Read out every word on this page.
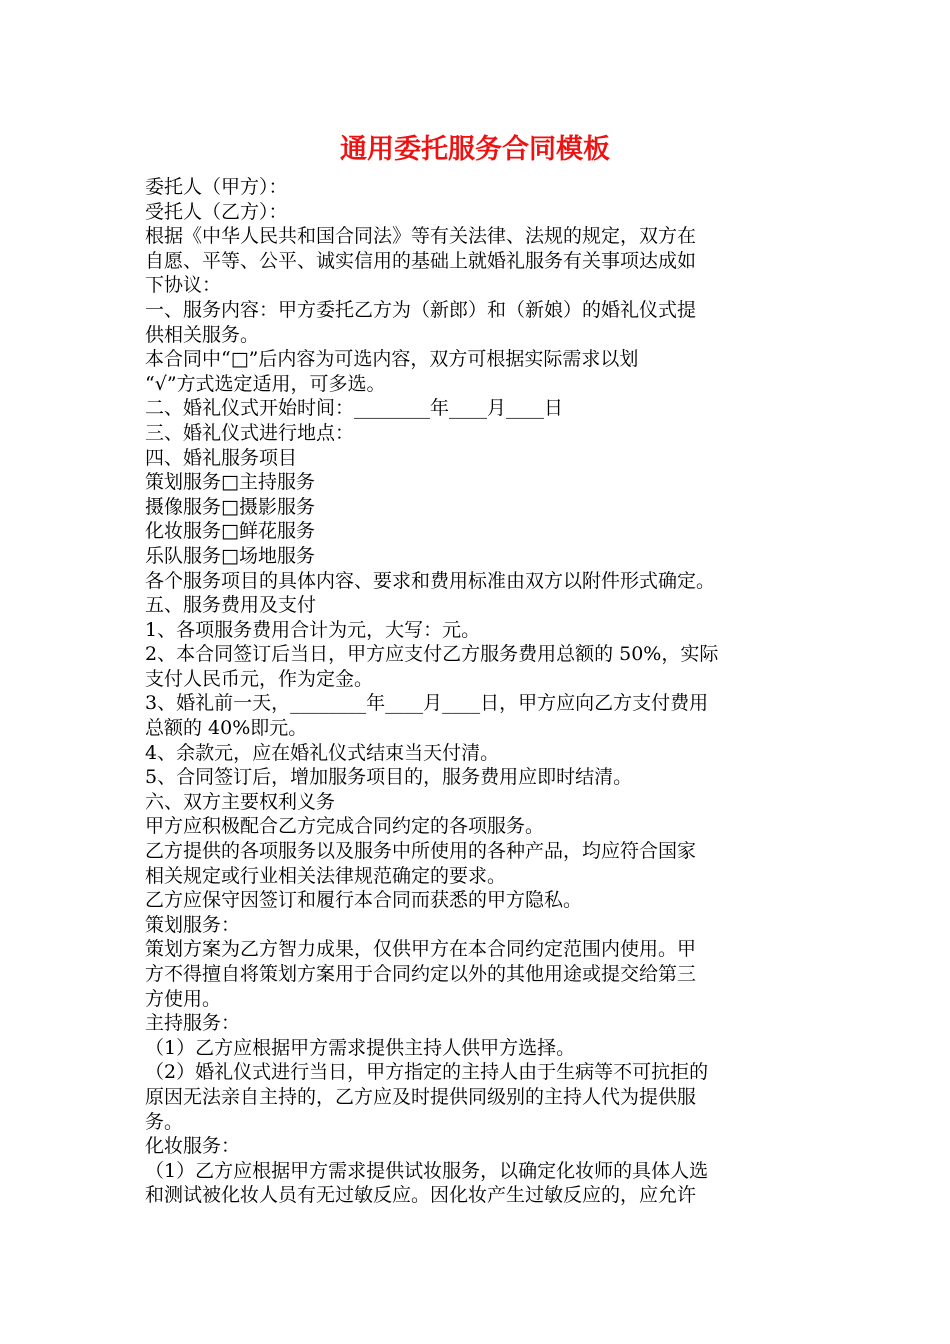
通用委托服务合同模板
委托人（甲方）：
受托人（乙方）：
根据《中华人民共和国合同法》等有关法律、法规的规定，双方在
自愿、平等、公平、诚实信用的基础上就婚礼服务有关事项达成如
下协议：
一、服务内容：甲方委托乙方为（新郎）和（新娘）的婚礼仪式提
供相关服务。
本合同中“□”后内容为可选内容，双方可根据实际需求以划
“√”方式选定适用，可多选。
二、婚礼仪式开始时间：________年____月____日
三、婚礼仪式进行地点：
四、婚礼服务项目
策划服务□主持服务
摄像服务□摄影服务
化妆服务□鲜花服务
乐队服务□场地服务
各个服务项目的具体内容、要求和费用标准由双方以附件形式确定。
五、服务费用及支付
1、各项服务费用合计为元，大写：元。
2、本合同签订后当日，甲方应支付乙方服务费用总额的 50%，实际
支付人民币元，作为定金。
3、婚礼前一天，________年____月____日，甲方应向乙方支付费用
总额的 40%即元。
4、余款元，应在婚礼仪式结束当天付清。
5、合同签订后，增加服务项目的，服务费用应即时结清。
六、双方主要权利义务
甲方应积极配合乙方完成合同约定的各项服务。
乙方提供的各项服务以及服务中所使用的各种产品，均应符合国家
相关规定或行业相关法律规范确定的要求。
乙方应保守因签订和履行本合同而获悉的甲方隐私。
策划服务：
策划方案为乙方智力成果，仅供甲方在本合同约定范围内使用。甲
方不得擅自将策划方案用于合同约定以外的其他用途或提交给第三
方使用。
主持服务：
（1）乙方应根据甲方需求提供主持人供甲方选择。
（2）婚礼仪式进行当日，甲方指定的主持人由于生病等不可抗拒的
原因无法亲自主持的，乙方应及时提供同级别的主持人代为提供服
务。
化妆服务：
（1）乙方应根据甲方需求提供试妆服务，以确定化妆师的具体人选
和测试被化妆人员有无过敏反应。因化妆产生过敏反应的，应允许
